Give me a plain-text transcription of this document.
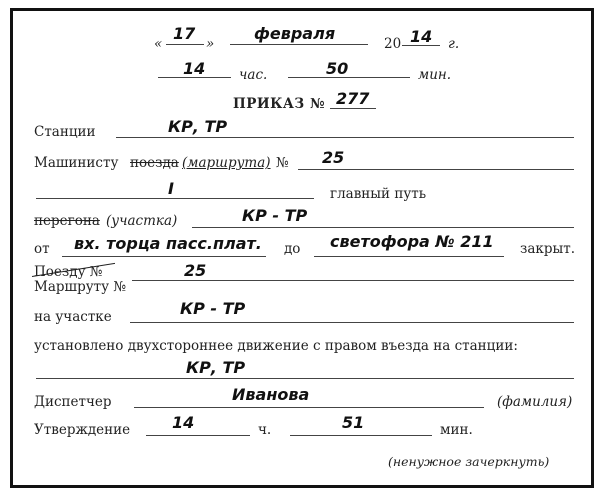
«
17
»
февраля
20 14 г.
14 час.	50	мин.
ПРИКАЗ № 277
Станции	КР, ТР
Машинисту поезда (маршрута) № 25
I	главный путь
перегона (участка)	КР - ТР
от вх. торца пасс.плат. до светофора № 211 закрыт.
Поезду №	25
Маршруту №
на участке	КР - ТР
установлено двухстороннее движение с правом въезда на станции:
КР, ТР
Диспетчер	Иванова	(фамилия)
Утверждение	14	ч.	51	мин.
(ненужное зачеркнуть)
